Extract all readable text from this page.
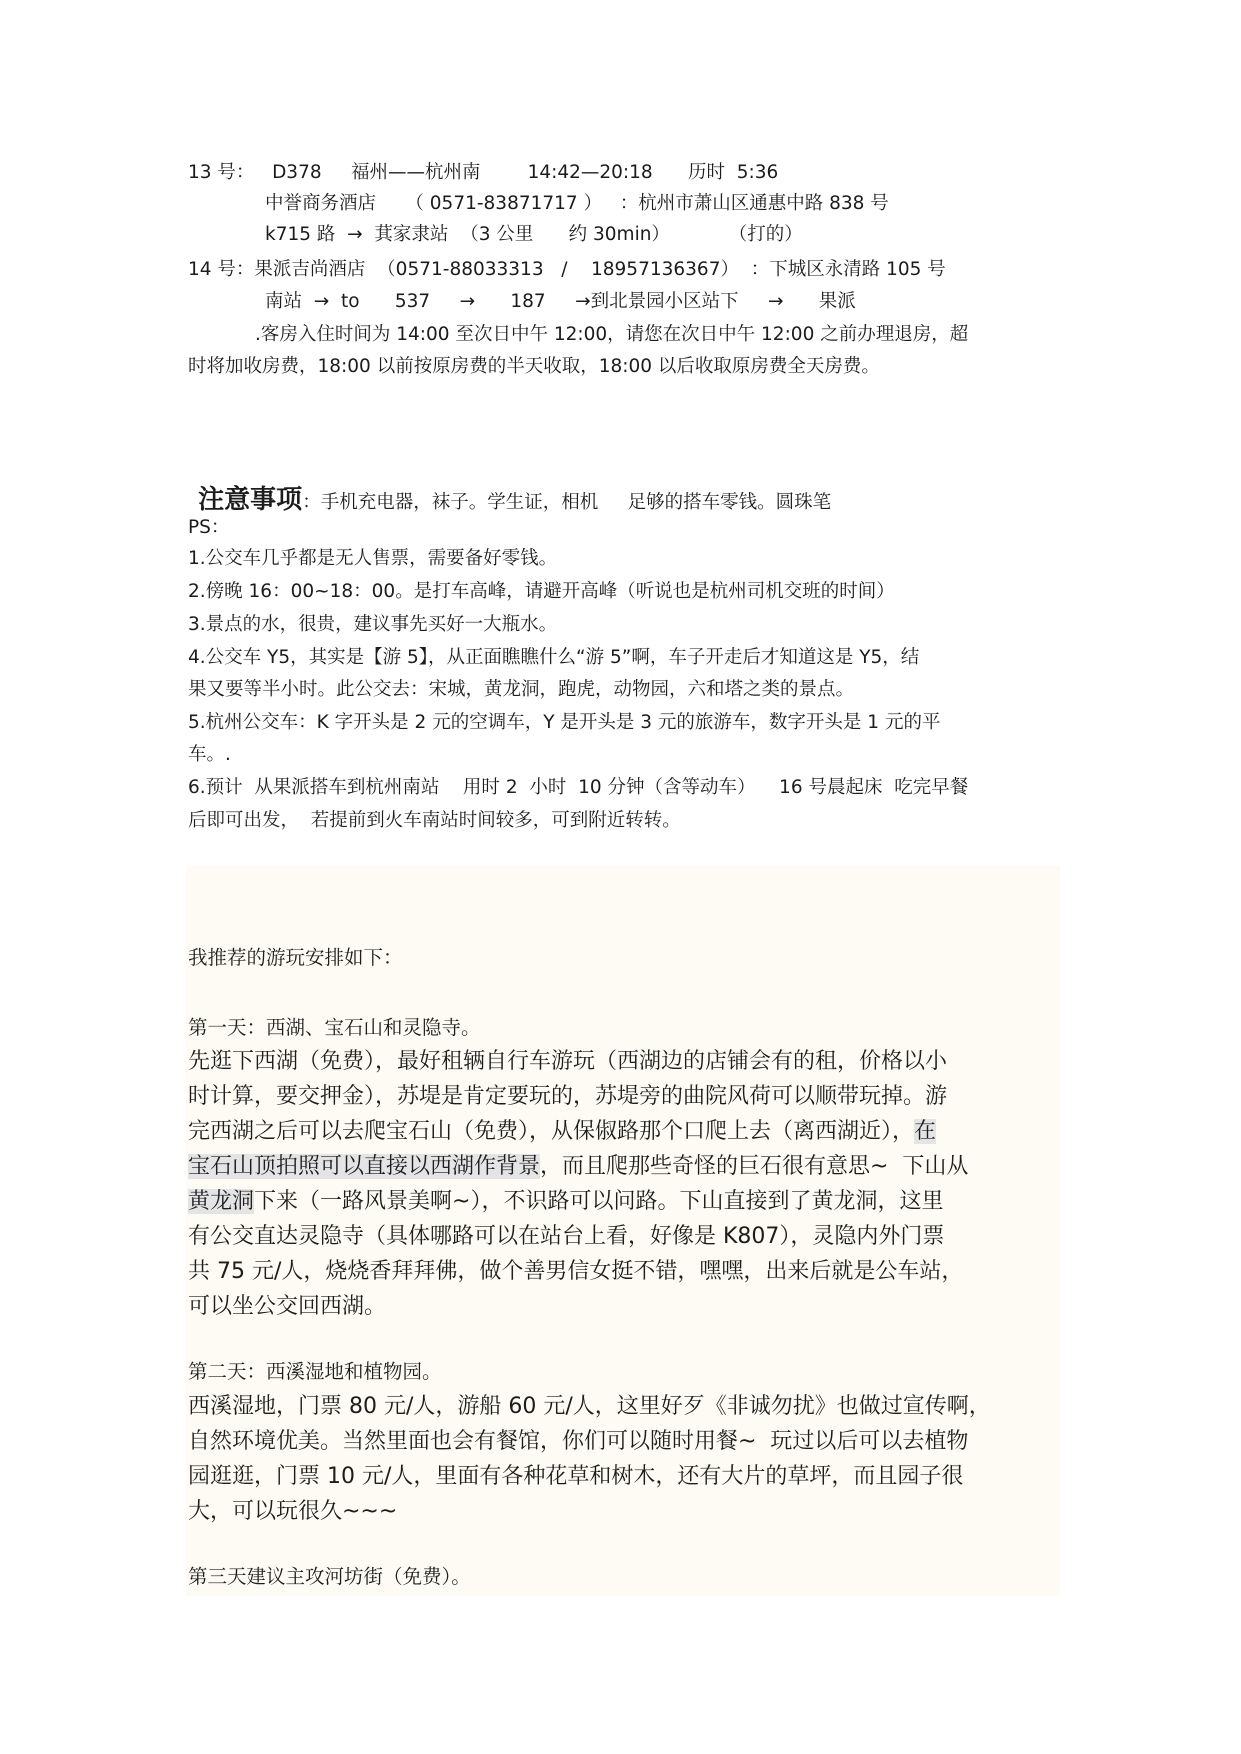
13 号：   D378     福州——杭州南        14:42—20:18      历时  5:36
中誉商务酒店     （ 0571-83871717 ）   ：杭州市萧山区通惠中路 838 号
k715 路  →  萁家隶站  （3 公里      约 30min）          （打的）
14 号：果派吉尚酒店  （0571-88033313   /    18957136367）  ：下城区永清路 105 号
南站  →  to      537     →      187     →到北景园小区站下     →      果派
.客房入住时间为 14:00 至次日中午 12:00，请您在次日中午 12:00 之前办理退房，超
时将加收房费，18:00 以前按原房费的半天收取，18:00 以后收取原房费全天房费。

注意事项：手机充电器，袜子。学生证，相机     足够的搭车零钱。圆珠笔

PS：
1.公交车几乎都是无人售票，需要备好零钱。
2.傍晚 16：00~18：00。是打车高峰，请避开高峰（听说也是杭州司机交班的时间）
3.景点的水，很贵，建议事先买好一大瓶水。
4.公交车 Y5，其实是【游 5】，从正面瞧瞧什么“游 5”啊，车子开走后才知道这是 Y5，结
果又要等半小时。此公交去：宋城，黄龙洞，跑虎，动物园，六和塔之类的景点。
5.杭州公交车：K 字开头是 2 元的空调车，Y 是开头是 3 元的旅游车，数字开头是 1 元的平
车。.
6.预计  从果派搭车到杭州南站    用时 2  小时  10 分钟（含等动车）    16 号晨起床  吃完早餐
后即可出发，  若提前到火车南站时间较多，可到附近转转。
我推荐的游玩安排如下：
第一天：西湖、宝石山和灵隐寺。
先逛下西湖（免费），最好租辆自行车游玩（西湖边的店铺会有的租，价格以小
时计算，要交押金），苏堤是肯定要玩的，苏堤旁的曲院风荷可以顺带玩掉。游
完西湖之后可以去爬宝石山（免费），从保俶路那个口爬上去（离西湖近），在
宝石山顶拍照可以直接以西湖作背景，而且爬那些奇怪的巨石很有意思~  下山从
黄龙洞下来（一路风景美啊~），不识路可以问路。下山直接到了黄龙洞，这里
有公交直达灵隐寺（具体哪路可以在站台上看，好像是 K807），灵隐内外门票
共 75 元/人，烧烧香拜拜佛，做个善男信女挺不错，嘿嘿，出来后就是公车站，
可以坐公交回西湖。
第二天：西溪湿地和植物园。
西溪湿地，门票 80 元/人，游船 60 元/人，这里好歹《非诚勿扰》也做过宣传啊，
自然环境优美。当然里面也会有餐馆，你们可以随时用餐~  玩过以后可以去植物
园逛逛，门票 10 元/人，里面有各种花草和树木，还有大片的草坪，而且园子很
大，可以玩很久~~~
第三天建议主攻河坊街（免费）。
